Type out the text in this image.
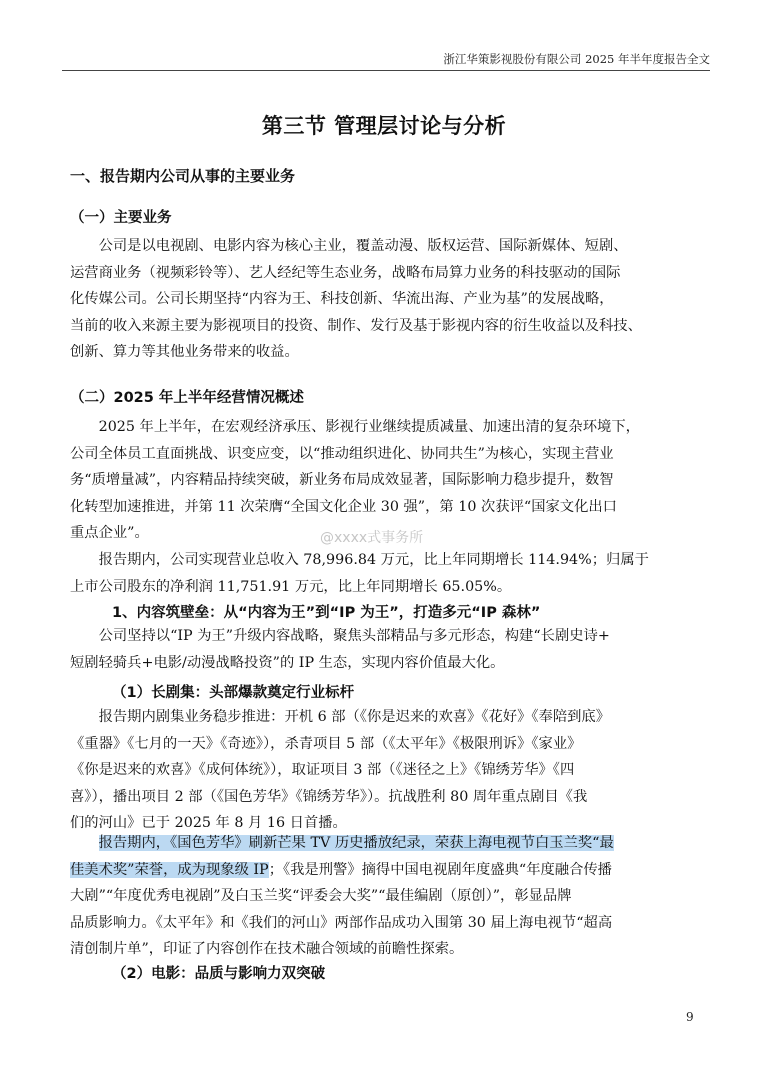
浙江华策影视股份有限公司 2025 年半年度报告全文
第三节 管理层讨论与分析
一、报告期内公司从事的主要业务
（一）主要业务
公司是以电视剧、电影内容为核心主业，覆盖动漫、版权运营、国际新媒体、短剧、
运营商业务（视频彩铃等）、艺人经纪等生态业务，战略布局算力业务的科技驱动的国际
化传媒公司。公司长期坚持“内容为王、科技创新、华流出海、产业为基”的发展战略，
当前的收入来源主要为影视项目的投资、制作、发行及基于影视内容的衍生收益以及科技、
创新、算力等其他业务带来的收益。
（二）2025 年上半年经营情况概述
2025 年上半年，在宏观经济承压、影视行业继续提质减量、加速出清的复杂环境下，
公司全体员工直面挑战、识变应变，以“推动组织进化、协同共生”为核心，实现主营业
务“质增量减”，内容精品持续突破，新业务布局成效显著，国际影响力稳步提升，数智
化转型加速推进，并第 11 次荣膺“全国文化企业 30 强”，第 10 次获评“国家文化出口
重点企业”。	@xxxx式事务所
报告期内，公司实现营业总收入 78,996.84 万元，比上年同期增长 114.94%；归属于
上市公司股东的净利润 11,751.91 万元，比上年同期增长 65.05%。
1、内容筑壁垒：从“内容为王”到“IP 为王”，打造多元“IP 森林”
公司坚持以“IP 为王”升级内容战略，聚焦头部精品与多元形态，构建“长剧史诗+
短剧轻骑兵+电影/动漫战略投资”的 IP 生态，实现内容价值最大化。
（1）长剧集：头部爆款奠定行业标杆
报告期内剧集业务稳步推进：开机 6 部（《你是迟来的欢喜》《花好》《奉陪到底》
《重器》《七月的一天》《奇迹》），杀青项目 5 部（《太平年》《极限刑诉》《家业》
《你是迟来的欢喜》《成何体统》），取证项目 3 部（《迷径之上》《锦绣芳华》《四
喜》），播出项目 2 部（《国色芳华》《锦绣芳华》）。抗战胜利 80 周年重点剧目《我
们的河山》已于 2025 年 8 月 16 日首播。
报告期内，《国色芳华》刷新芒果 TV 历史播放纪录，荣获上海电视节白玉兰奖“最
佳美术奖”荣誉，成为现象级 IP；《我是刑警》摘得中国电视剧年度盛典“年度融合传播
大剧”“年度优秀电视剧”及白玉兰奖“评委会大奖”“最佳编剧（原创）”，彰显品牌
品质影响力。《太平年》和《我们的河山》两部作品成功入围第 30 届上海电视节“超高
清创制片单”，印证了内容创作在技术融合领域的前瞻性探索。
（2）电影：品质与影响力双突破
9
